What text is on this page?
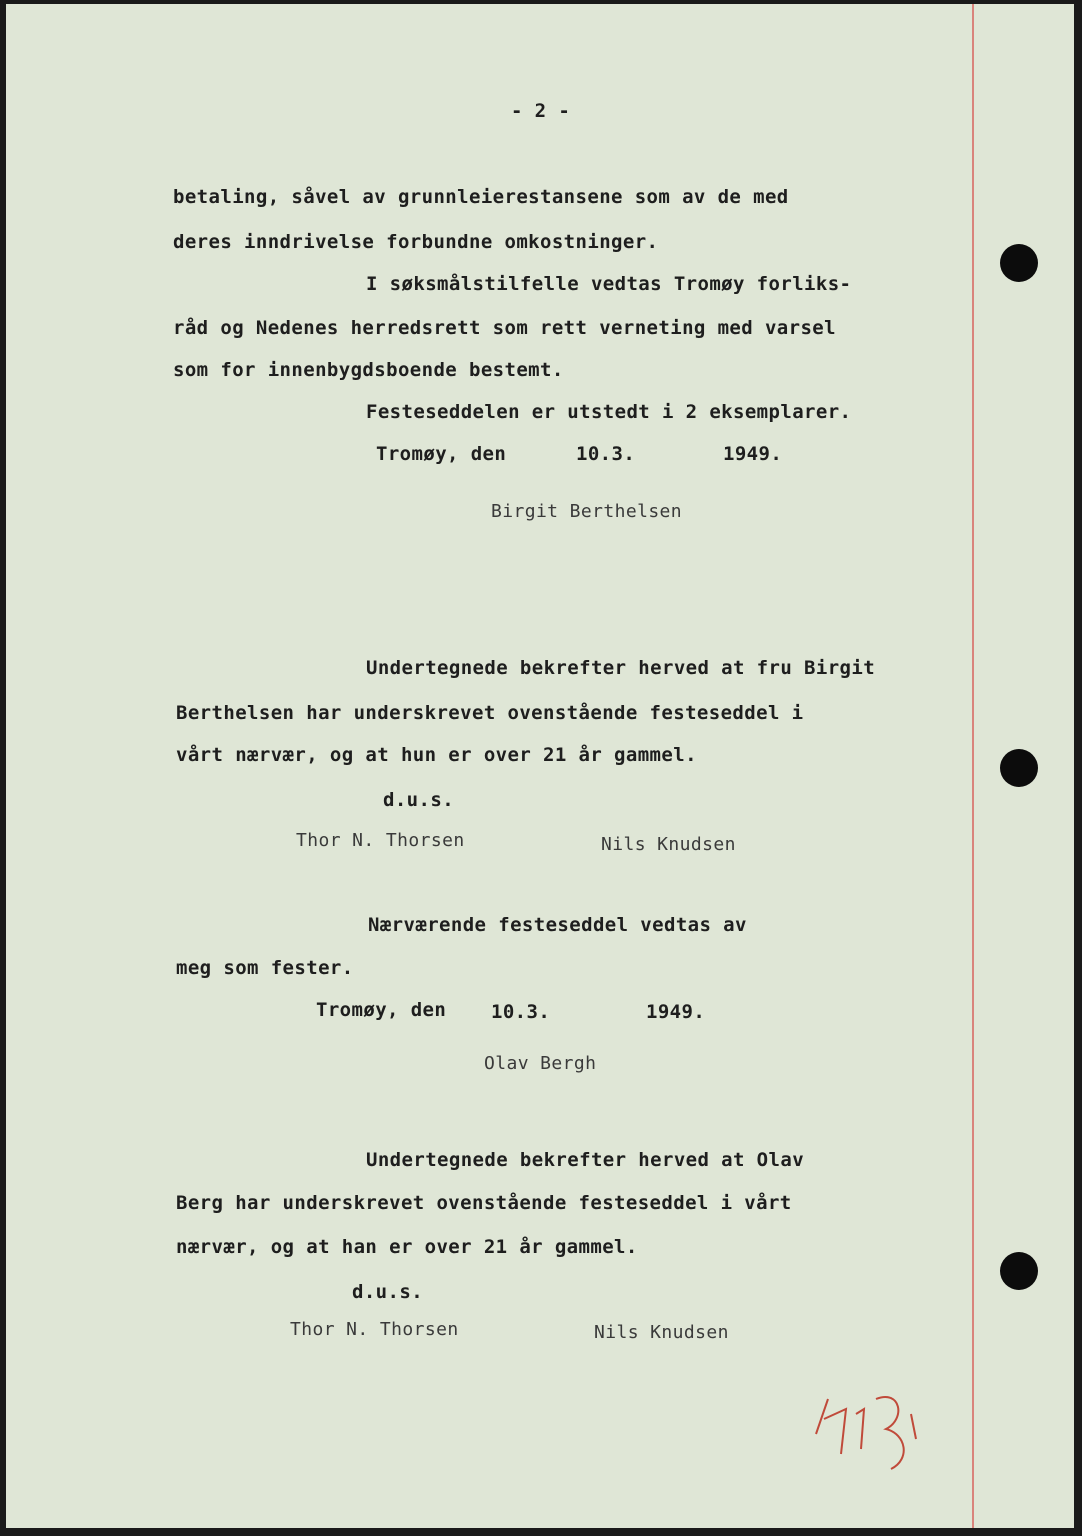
- 2 -
betaling, såvel av grunnleierestansene som av de med
deres inndrivelse forbundne omkostninger.
I søksmålstilfelle vedtas Tromøy forliks-
råd og Nedenes herredsrett som rett verneting med varsel
som for innenbygdsboende bestemt.
Festeseddelen er utstedt i 2 eksemplarer.
Tromøy, den	10.3.	1949.
Birgit Berthelsen
Undertegnede bekrefter herved at fru Birgit
Berthelsen har underskrevet ovenstående festeseddel i
vårt nærvær, og at hun er over 21 år gammel.
d.u.s.
Thor N. Thorsen	Nils Knudsen
Nærværende festeseddel vedtas av
meg som fester.
Tromøy, den 10.3.	1949.
Olav Bergh
Undertegnede bekrefter herved at Olav
Berg har underskrevet ovenstående festeseddel i vårt
nærvær, og at han er over 21 år gammel.
d.u.s.
Thor N. Thorsen	Nils Knudsen
